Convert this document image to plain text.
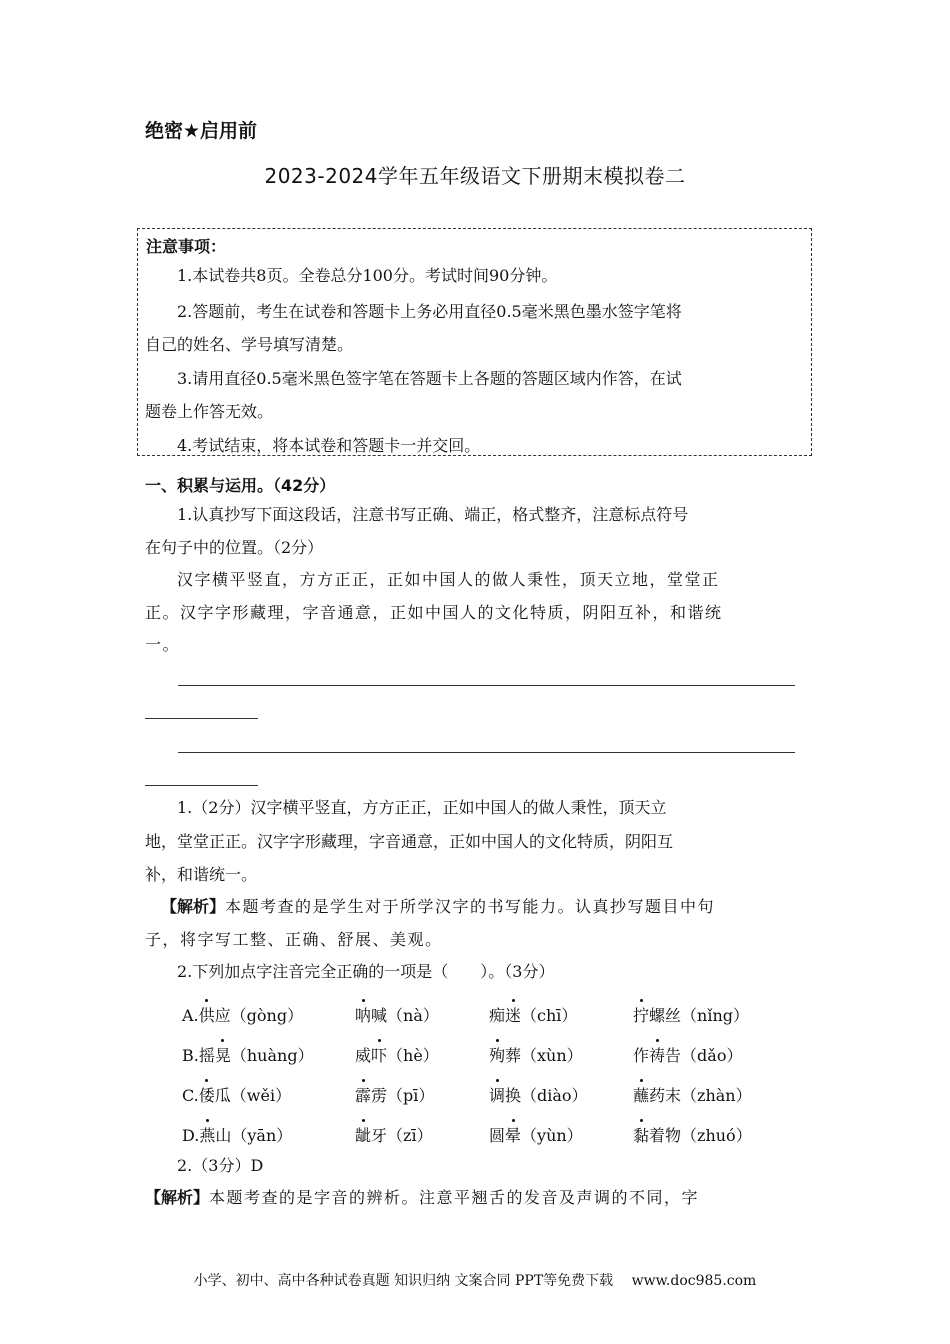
绝密★启用前
2023-2024学年五年级语文下册期末模拟卷二
注意事项：
1.本试卷共8页。全卷总分100分。考试时间90分钟。
2.答题前，考生在试卷和答题卡上务必用直径0.5毫米黑色墨水签字笔将
自己的姓名、学号填写清楚。
3.请用直径0.5毫米黑色签字笔在答题卡上各题的答题区域内作答，在试
题卷上作答无效。
4.考试结束，将本试卷和答题卡一并交回。
一、积累与运用。（42分）
1.认真抄写下面这段话，注意书写正确、端正，格式整齐，注意标点符号
在句子中的位置。（2分）
汉字横平竖直，方方正正，正如中国人的做人秉性，顶天立地，堂堂正
正。汉字字形藏理，字音通意，正如中国人的文化特质，阴阳互补，和谐统
一。
1.（2分）汉字横平竖直，方方正正，正如中国人的做人秉性，顶天立
地，堂堂正正。汉字字形藏理，字音通意，正如中国人的文化特质，阴阳互
补，和谐统一。
【解析】本题考查的是学生对于所学汉字的书写能力。认真抄写题目中句
子，将字写工整、正确、舒展、美观。
2.下列加点字注音完全正确的一项是（　　）。（3分）
A.供应（gòng）	呐喊（nà）	痴迷（chī）	拧螺丝（nǐng）
B.摇晃（huàng）	威吓（hè）	殉葬（xùn）	作祷告（dǎo）
C.倭瓜（wěi）	霹雳（pī）	调换（diào）	蘸药末（zhàn）
D.燕山（yān）	龇牙（zī）	圆晕（yùn）	黏着物（zhuó）
2.（3分）D
【解析】本题考查的是字音的辨析。注意平翘舌的发音及声调的不同，字
小学、初中、高中各种试卷真题 知识归纳 文案合同 PPT等免费下载　 www.doc985.com
